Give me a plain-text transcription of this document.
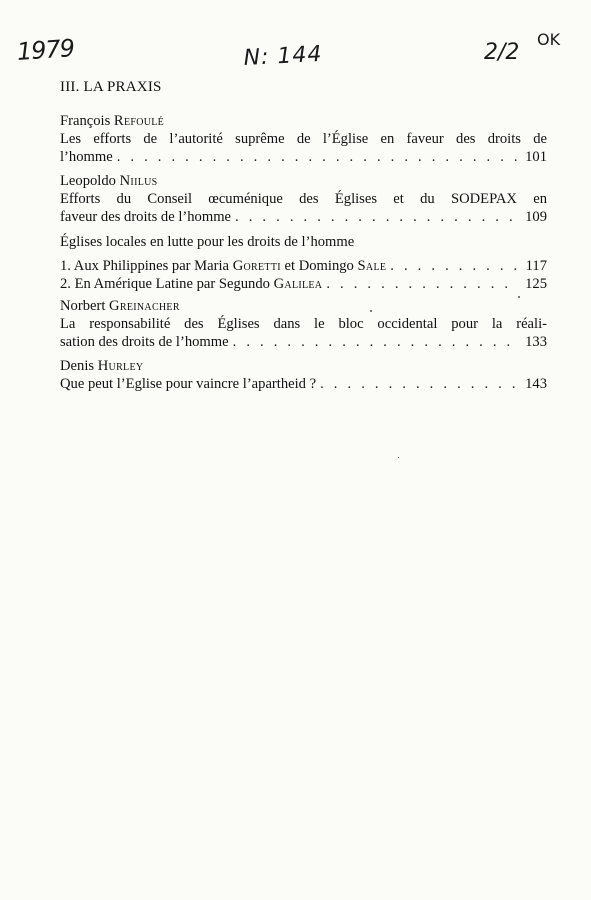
1979	N: 144	2/2
OK
III. LA PRAXIS
François Refoulé
Les efforts de l’autorité suprême de l’Église en faveur des droits de
l’homme . . .	101
Leopoldo Niilus
Efforts du Conseil œcuménique des Églises et du SODEPAX en
faveur des droits de l’homme . . .	109
Églises locales en lutte pour les droits de l’homme
1. Aux Philippines par Maria Goretti et Domingo Sale . . .	117
2. En Amérique Latine par Segundo Galilea . . .	125
Norbert Greinacher
La responsabilité des Églises dans le bloc occidental pour la réali-
sation des droits de l’homme . . .	133
Denis Hurley
Que peut l’Eglise pour vaincre l’apartheid ? . . .	143
